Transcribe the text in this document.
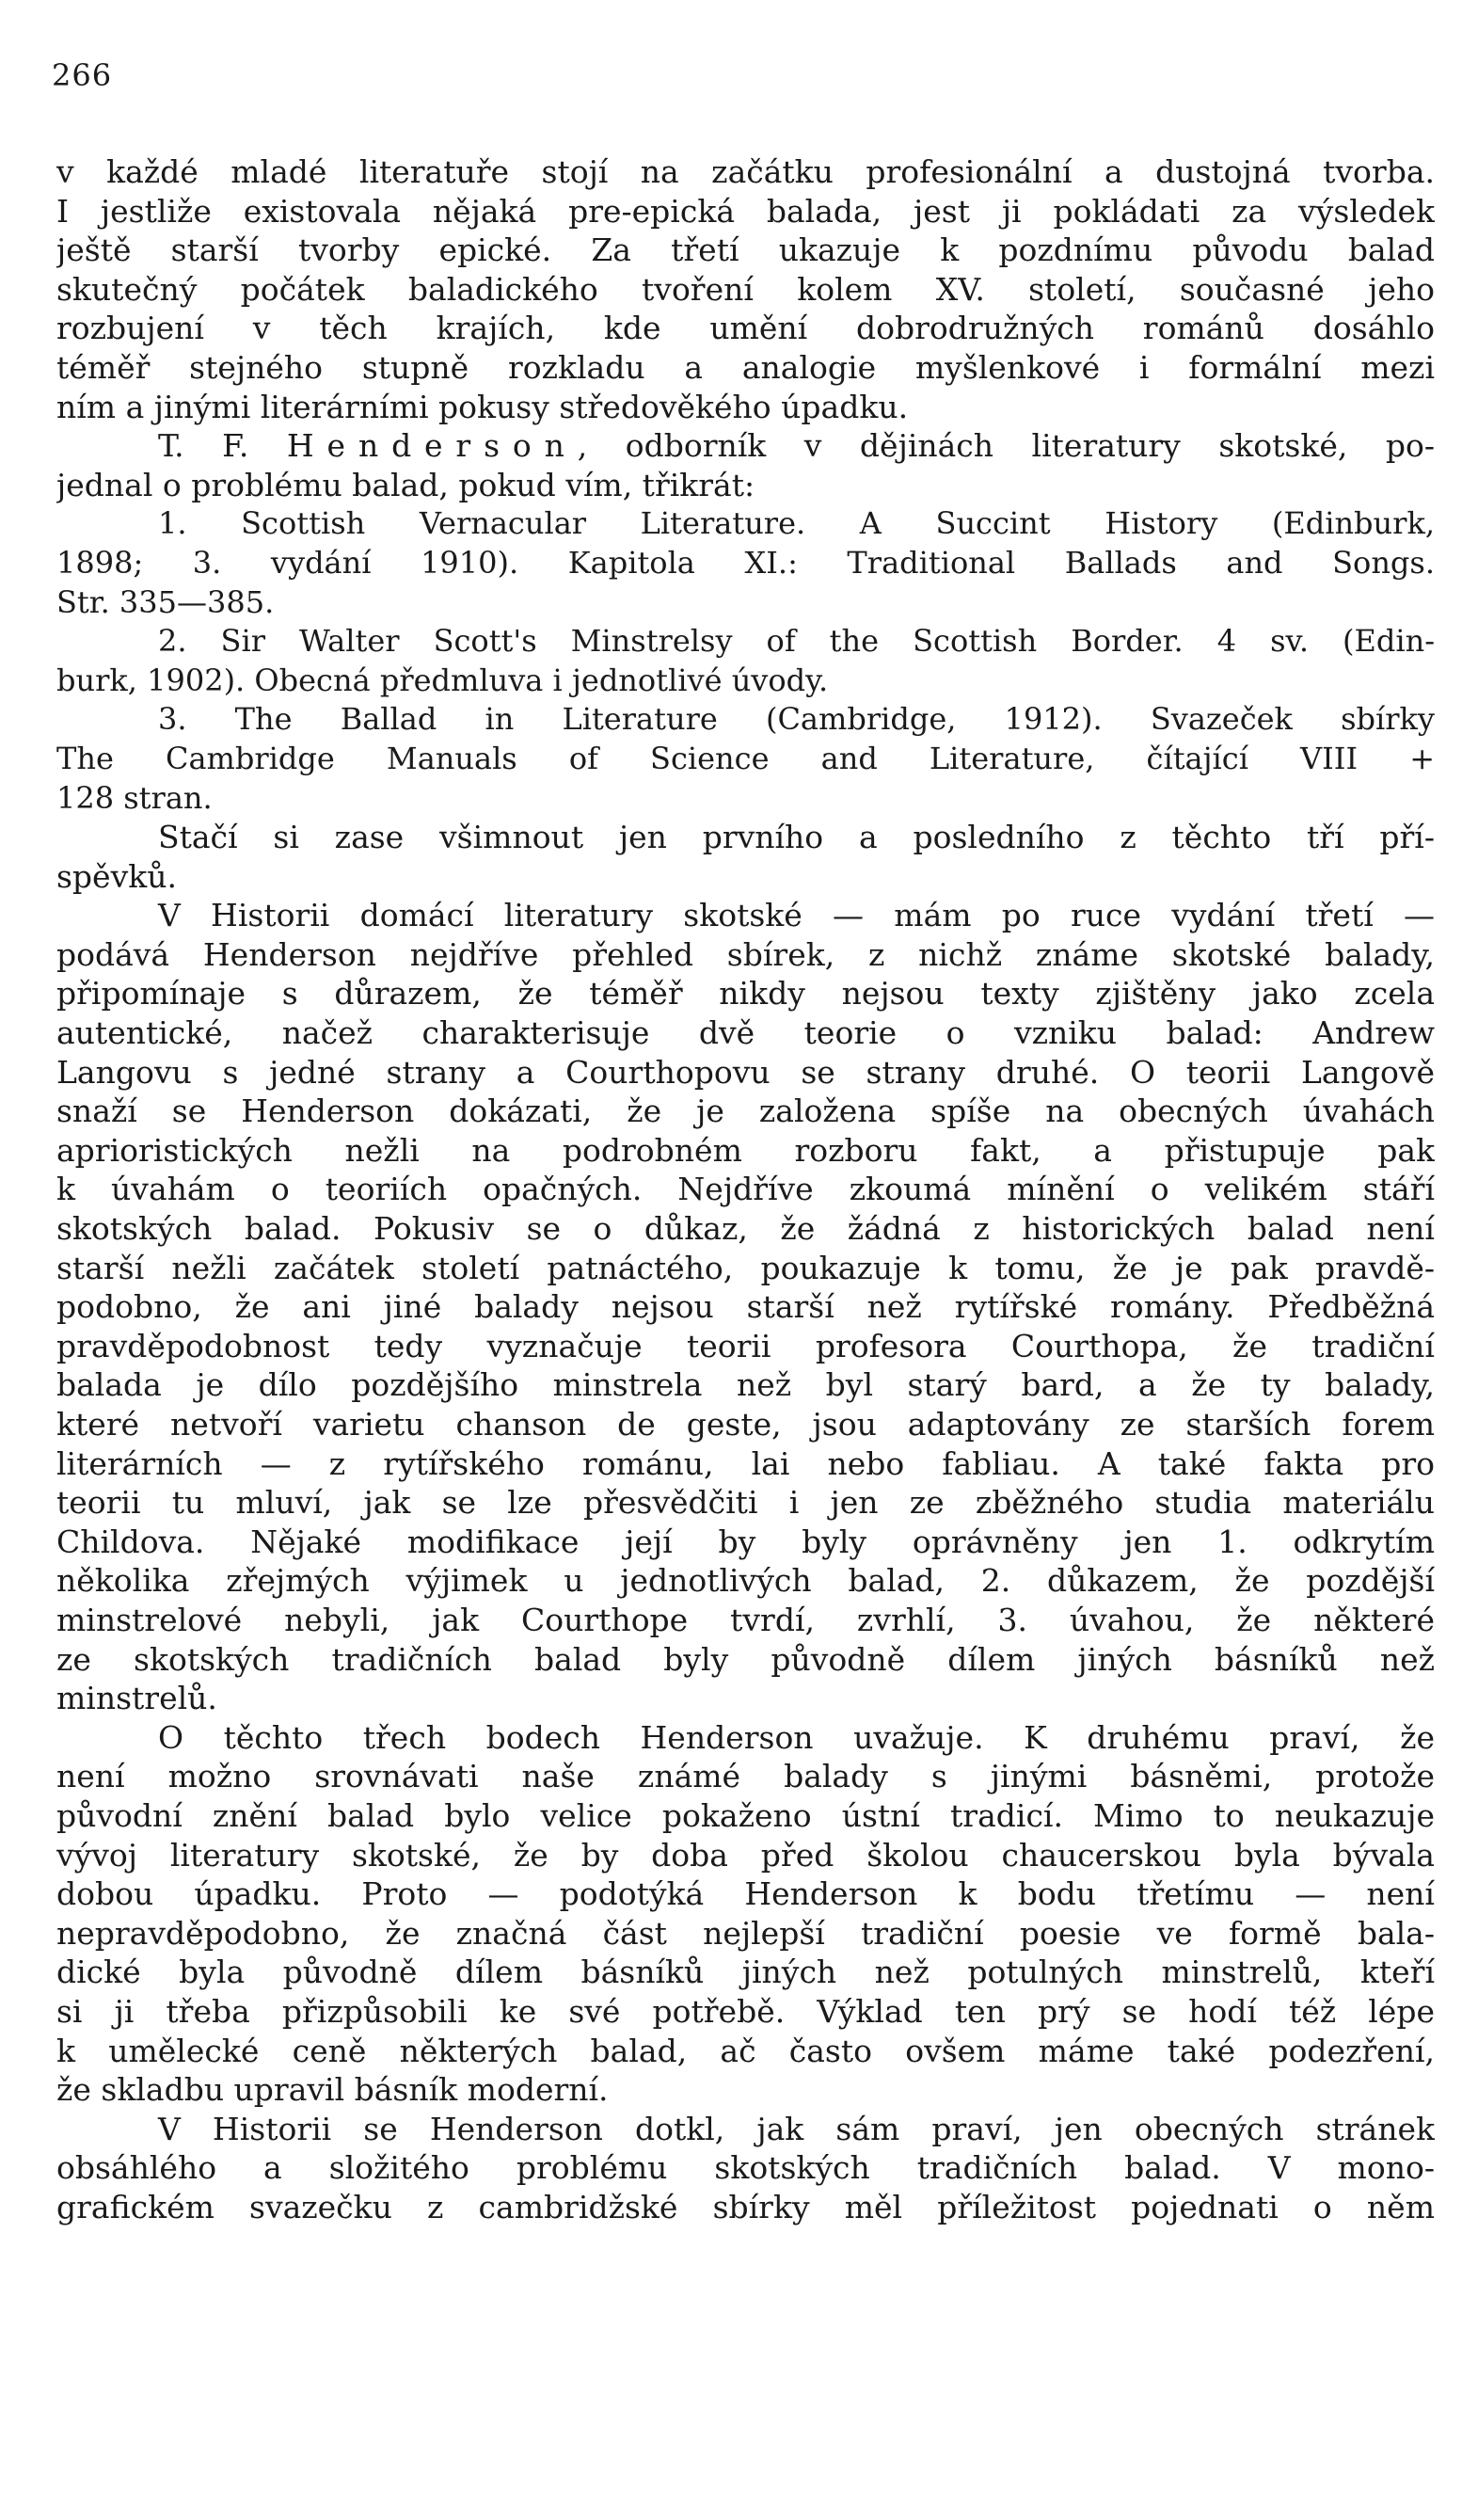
266
v každé mladé literatuře stojí na začátku profesionální a dustojná tvorba.
I jestliže existovala nějaká pre-epická balada, jest ji pokládati za výsledek
ještě starší tvorby epické. Za třetí ukazuje k pozdnímu původu balad
skutečný počátek baladického tvoření kolem XV. století, současné jeho
rozbujení v těch krajích, kde umění dobrodružných románů dosáhlo
téměř stejného stupně rozkladu a analogie myšlenkové i formální mezi
ním a jinými literárními pokusy středověkého úpadku.
T. F. Henderson, odborník v dějinách literatury skotské, po-
jednal o problému balad, pokud vím, třikrát:
1. Scottish Vernacular Literature. A Succint History (Edinburk,
1898; 3. vydání 1910). Kapitola XI.: Traditional Ballads and Songs.
Str. 335—385.
2. Sir Walter Scott's Minstrelsy of the Scottish Border. 4 sv. (Edin-
burk, 1902). Obecná předmluva i jednotlivé úvody.
3. The Ballad in Literature (Cambridge, 1912). Svazeček sbírky
The Cambridge Manuals of Science and Literature, čítající VIII +
128 stran.
Stačí si zase všimnout jen prvního a posledního z těchto tří pří-
spěvků.
V Historii domácí literatury skotské — mám po ruce vydání třetí —
podává Henderson nejdříve přehled sbírek, z nichž známe skotské balady,
připomínaje s důrazem, že téměř nikdy nejsou texty zjištěny jako zcela
autentické, načež charakterisuje dvě teorie o vzniku balad: Andrew
Langovu s jedné strany a Courthopovu se strany druhé. O teorii Langově
snaží se Henderson dokázati, že je založena spíše na obecných úvahách
aprioristických nežli na podrobném rozboru fakt, a přistupuje pak
k úvahám o teoriích opačných. Nejdříve zkoumá mínění o velikém stáří
skotských balad. Pokusiv se o důkaz, že žádná z historických balad není
starší nežli začátek století patnáctého, poukazuje k tomu, že je pak pravdě-
podobno, že ani jiné balady nejsou starší než rytířské romány. Předběžná
pravděpodobnost tedy vyznačuje teorii profesora Courthopa, že tradiční
balada je dílo pozdějšího minstrela než byl starý bard, a že ty balady,
které netvoří varietu chanson de geste, jsou adaptovány ze starších forem
literárních — z rytířského románu, lai nebo fabliau. A také fakta pro
teorii tu mluví, jak se lze přesvědčiti i jen ze zběžného studia materiálu
Childova. Nějaké modifikace její by byly oprávněny jen 1. odkrytím
několika zřejmých výjimek u jednotlivých balad, 2. důkazem, že pozdější
minstrelové nebyli, jak Courthope tvrdí, zvrhlí, 3. úvahou, že některé
ze skotských tradičních balad byly původně dílem jiných básníků než
minstrelů.
O těchto třech bodech Henderson uvažuje. K druhému praví, že
není možno srovnávati naše známé balady s jinými básněmi, protože
původní znění balad bylo velice pokaženo ústní tradicí. Mimo to neukazuje
vývoj literatury skotské, že by doba před školou chaucerskou byla bývala
dobou úpadku. Proto — podotýká Henderson k bodu třetímu — není
nepravděpodobno, že značná část nejlepší tradiční poesie ve formě bala-
dické byla původně dílem básníků jiných než potulných minstrelů, kteří
si ji třeba přizpůsobili ke své potřebě. Výklad ten prý se hodí též lépe
k umělecké ceně některých balad, ač často ovšem máme také podezření,
že skladbu upravil básník moderní.
V Historii se Henderson dotkl, jak sám praví, jen obecných stránek
obsáhlého a složitého problému skotských tradičních balad. V mono-
grafickém svazečku z cambridžské sbírky měl příležitost pojednati o něm
